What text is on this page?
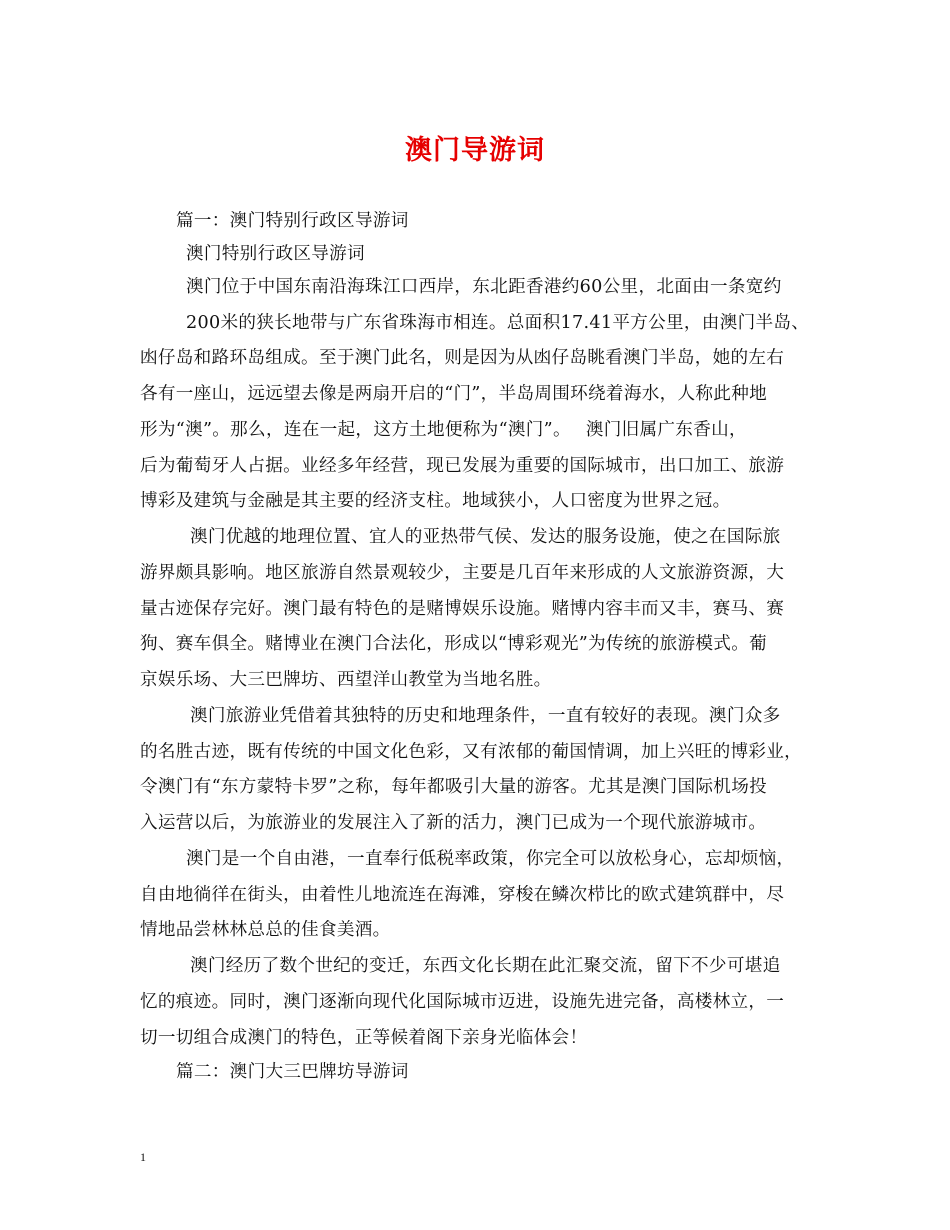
澳门导游词
篇一：澳门特别行政区导游词
澳门特别行政区导游词
澳门位于中国东南沿海珠江口西岸，东北距香港约60公里，北面由一条宽约
200米的狭长地带与广东省珠海市相连。总面积17.41平方公里，由澳门半岛、
凼仔岛和路环岛组成。至于澳门此名，则是因为从凼仔岛眺看澳门半岛，她的左右
各有一座山，远远望去像是两扇开启的“门”，半岛周围环绕着海水，人称此种地
形为“澳”。那么，连在一起，这方土地便称为“澳门”。　 澳门旧属广东香山，
后为葡萄牙人占据。业经多年经营，现已发展为重要的国际城市，出口加工、旅游
博彩及建筑与金融是其主要的经济支柱。地域狭小，人口密度为世界之冠。
澳门优越的地理位置、宜人的亚热带气侯、发达的服务设施，使之在国际旅
游界颇具影响。地区旅游自然景观较少，主要是几百年来形成的人文旅游资源，大
量古迹保存完好。澳门最有特色的是赌博娱乐设施。赌博内容丰而又丰，赛马、赛
狗、赛车俱全。赌博业在澳门合法化，形成以“博彩观光”为传统的旅游模式。葡
京娱乐场、大三巴牌坊、西望洋山教堂为当地名胜。
澳门旅游业凭借着其独特的历史和地理条件，一直有较好的表现。澳门众多
的名胜古迹，既有传统的中国文化色彩，又有浓郁的葡国情调，加上兴旺的博彩业，
令澳门有“东方蒙特卡罗”之称，每年都吸引大量的游客。尤其是澳门国际机场投
入运营以后，为旅游业的发展注入了新的活力，澳门已成为一个现代旅游城市。
澳门是一个自由港，一直奉行低税率政策，你完全可以放松身心，忘却烦恼，
自由地徜徉在街头，由着性儿地流连在海滩，穿梭在鳞次栉比的欧式建筑群中，尽
情地品尝林林总总的佳食美酒。
澳门经历了数个世纪的变迁，东西文化长期在此汇聚交流，留下不少可堪追
忆的痕迹。同时，澳门逐渐向现代化国际城市迈进，设施先进完备，高楼林立，一
切一切组合成澳门的特色，正等候着阁下亲身光临体会！
篇二：澳门大三巴牌坊导游词
1
